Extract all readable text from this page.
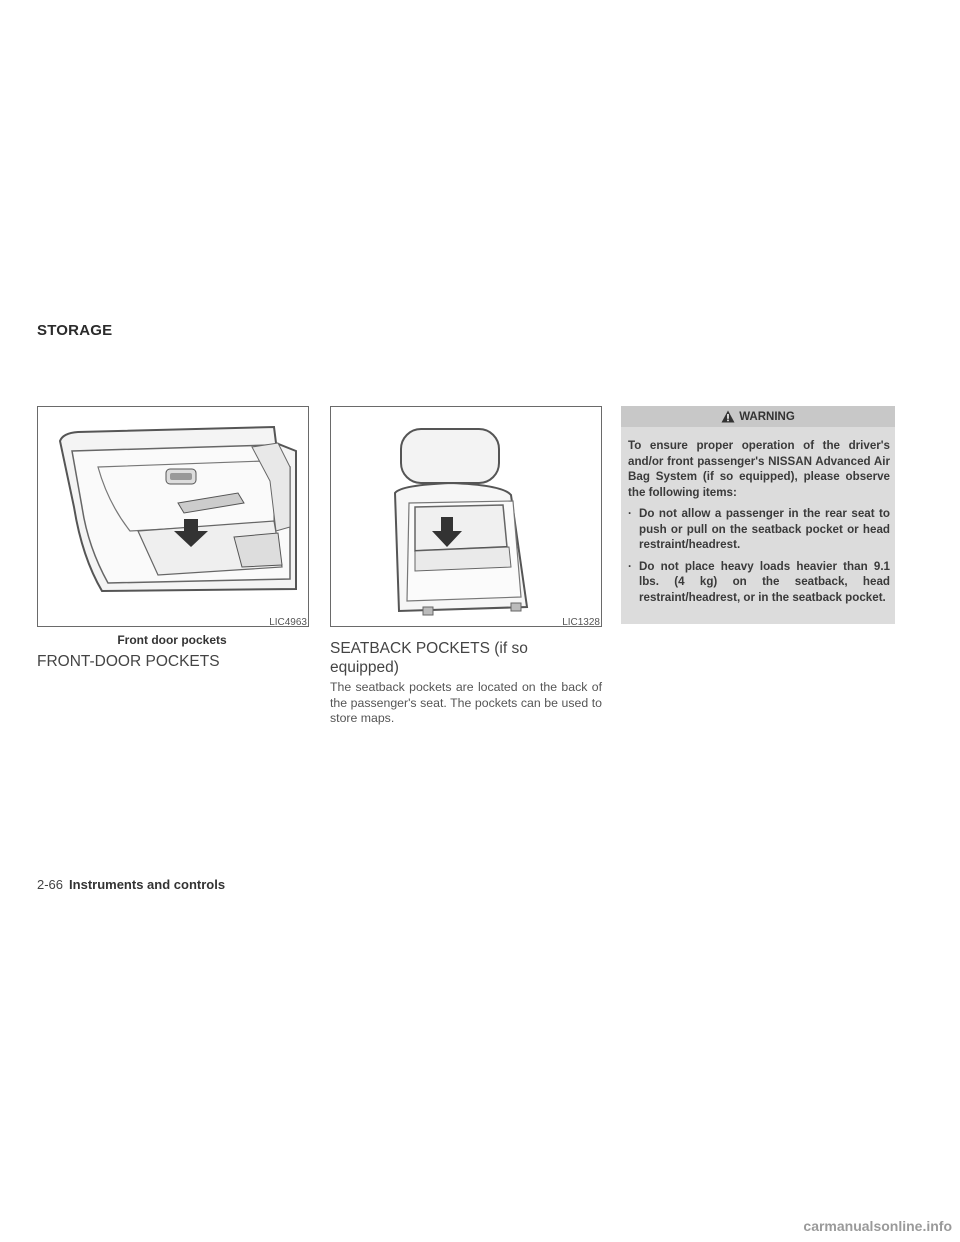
STORAGE
LIC4963
Front door pockets
LIC1328
FRONT-DOOR POCKETS
SEATBACK POCKETS (if so
equipped)
The seatback pockets are located on the back of the passenger's seat. The pockets can be used to store maps.
WARNING

To ensure proper operation of the driver's and/or front passenger's NISSAN Advanced Air Bag System (if so equipped), please observe the following items:

· Do not allow a passenger in the rear seat to push or pull on the seatback pocket or head restraint/headrest.
· Do not place heavy loads heavier than 9.1 lbs. (4 kg) on the seatback, head restraint/headrest, or in the seatback pocket.
2-66 Instruments and controls
carmanualsonline.info
